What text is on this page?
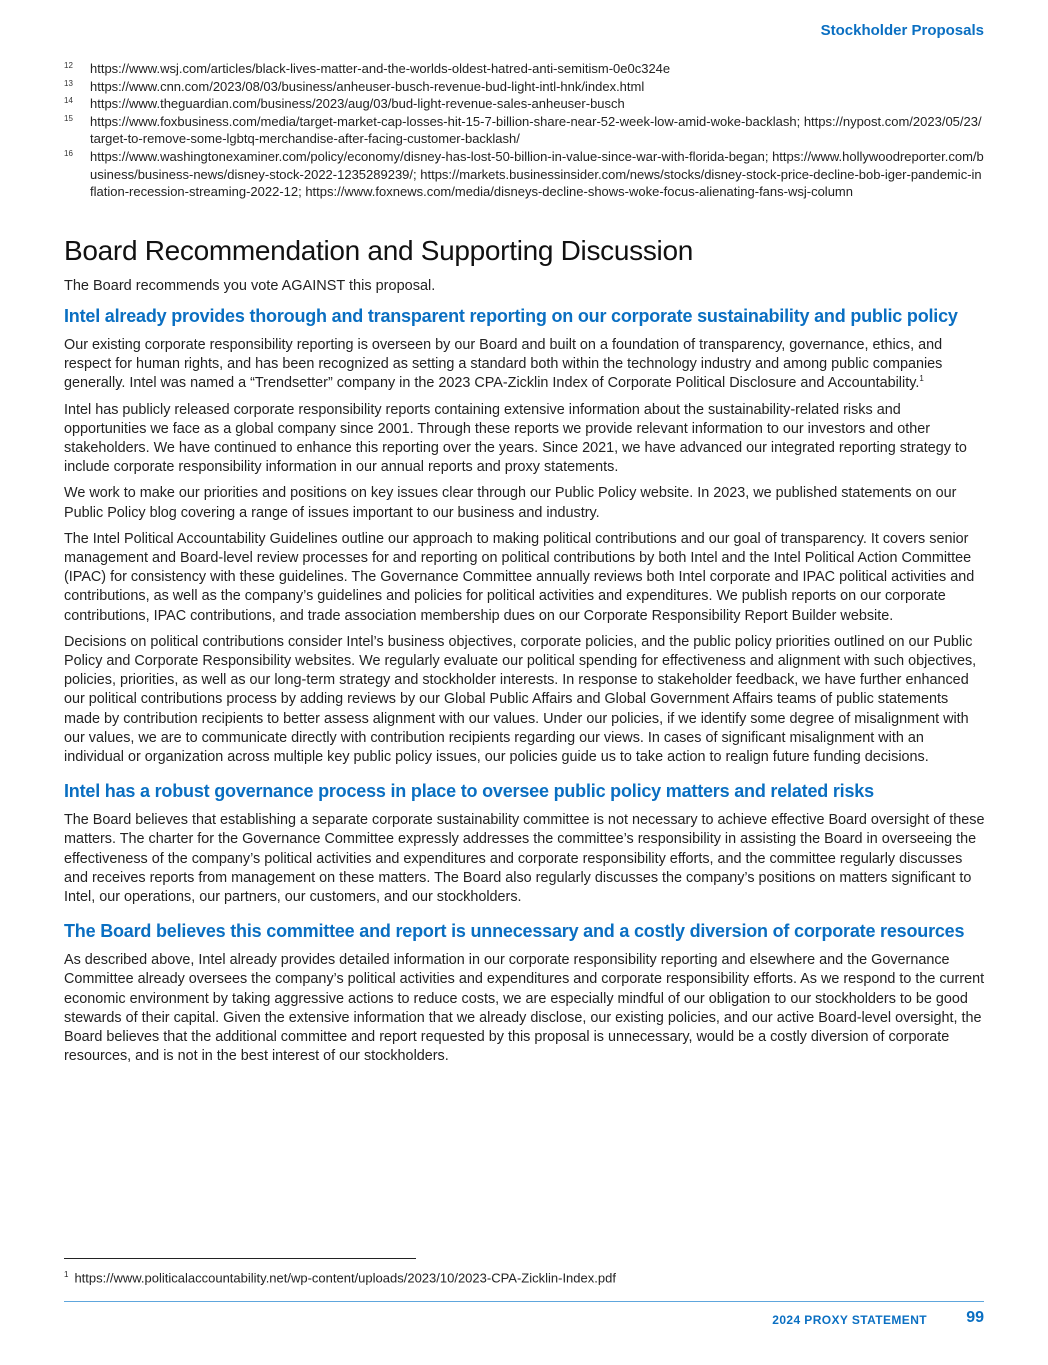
Stockholder Proposals

12 https://www.wsj.com/articles/black-lives-matter-and-the-worlds-oldest-hatred-anti-semitism-0e0c324e

13 https://www.cnn.com/2023/08/03/business/anheuser-busch-revenue-bud-light-intl-hnk/index.html

14 https://www.theguardian.com/business/2023/aug/03/bud-light-revenue-sales-anheuser-busch

15 https://www.foxbusiness.com/media/target-market-cap-losses-hit-15-7-billion-share-near-52-week-low-amid-woke-backlash; https://nypost.com/2023/05/23/target-to-remove-some-lgbtq-merchandise-after-facing-customer-backlash/

16 https://www.washingtonexaminer.com/policy/economy/disney-has-lost-50-billion-in-value-since-war-with-florida-began; https://www.hollywoodreporter.com/business/business-news/disney-stock-2022-1235289239/; https://markets.businessinsider.com/news/stocks/disney-stock-price-decline-bob-iger-pandemic-inflation-recession-streaming-2022-12; https://www.foxnews.com/media/disneys-decline-shows-woke-focus-alienating-fans-wsj-column

Board Recommendation and Supporting Discussion

The Board recommends you vote AGAINST this proposal.

Intel already provides thorough and transparent reporting on our corporate sustainability and public policy

Our existing corporate responsibility reporting is overseen by our Board and built on a foundation of transparency, governance, ethics, and respect for human rights, and has been recognized as setting a standard both within the technology industry and among public companies generally. Intel was named a “Trendsetter” company in the 2023 CPA-Zicklin Index of Corporate Political Disclosure and Accountability.$^1$

Intel has publicly released corporate responsibility reports containing extensive information about the sustainability-related risks and opportunities we face as a global company since 2001. Through these reports we provide relevant information to our investors and other stakeholders. We have continued to enhance this reporting over the years. Since 2021, we have advanced our integrated reporting strategy to include corporate responsibility information in our annual reports and proxy statements.

We work to make our priorities and positions on key issues clear through our Public Policy website. In 2023, we published statements on our Public Policy blog covering a range of issues important to our business and industry.

The Intel Political Accountability Guidelines outline our approach to making political contributions and our goal of transparency. It covers senior management and Board-level review processes for and reporting on political contributions by both Intel and the Intel Political Action Committee (IPAC) for consistency with these guidelines. The Governance Committee annually reviews both Intel corporate and IPAC political activities and contributions, as well as the company’s guidelines and policies for political activities and expenditures. We publish reports on our corporate contributions, IPAC contributions, and trade association membership dues on our Corporate Responsibility Report Builder website.

Decisions on political contributions consider Intel’s business objectives, corporate policies, and the public policy priorities outlined on our Public Policy and Corporate Responsibility websites. We regularly evaluate our political spending for effectiveness and alignment with such objectives, policies, priorities, as well as our long-term strategy and stockholder interests. In response to stakeholder feedback, we have further enhanced our political contributions process by adding reviews by our Global Public Affairs and Global Government Affairs teams of public statements made by contribution recipients to better assess alignment with our values. Under our policies, if we identify some degree of misalignment with our values, we are to communicate directly with contribution recipients regarding our views. In cases of significant misalignment with an individual or organization across multiple key public policy issues, our policies guide us to take action to realign future funding decisions.

Intel has a robust governance process in place to oversee public policy matters and related risks

The Board believes that establishing a separate corporate sustainability committee is not necessary to achieve effective Board oversight of these matters. The charter for the Governance Committee expressly addresses the committee’s responsibility in assisting the Board in overseeing the effectiveness of the company’s political activities and expenditures and corporate responsibility efforts, and the committee regularly discusses and receives reports from management on these matters. The Board also regularly discusses the company’s positions on matters significant to Intel, our operations, our partners, our customers, and our stockholders.

The Board believes this committee and report is unnecessary and a costly diversion of corporate resources

As described above, Intel already provides detailed information in our corporate responsibility reporting and elsewhere and the Governance Committee already oversees the company’s political activities and expenditures and corporate responsibility efforts. As we respond to the current economic environment by taking aggressive actions to reduce costs, we are especially mindful of our obligation to our stockholders to be good stewards of their capital. Given the extensive information that we already disclose, our existing policies, and our active Board-level oversight, the Board believes that the additional committee and report requested by this proposal is unnecessary, would be a costly diversion of corporate resources, and is not in the best interest of our stockholders.

$^1$ https://www.politicalaccountability.net/wp-content/uploads/2023/10/2023-CPA-Zicklin-Index.pdf
2024 PROXY STATEMENT 99
